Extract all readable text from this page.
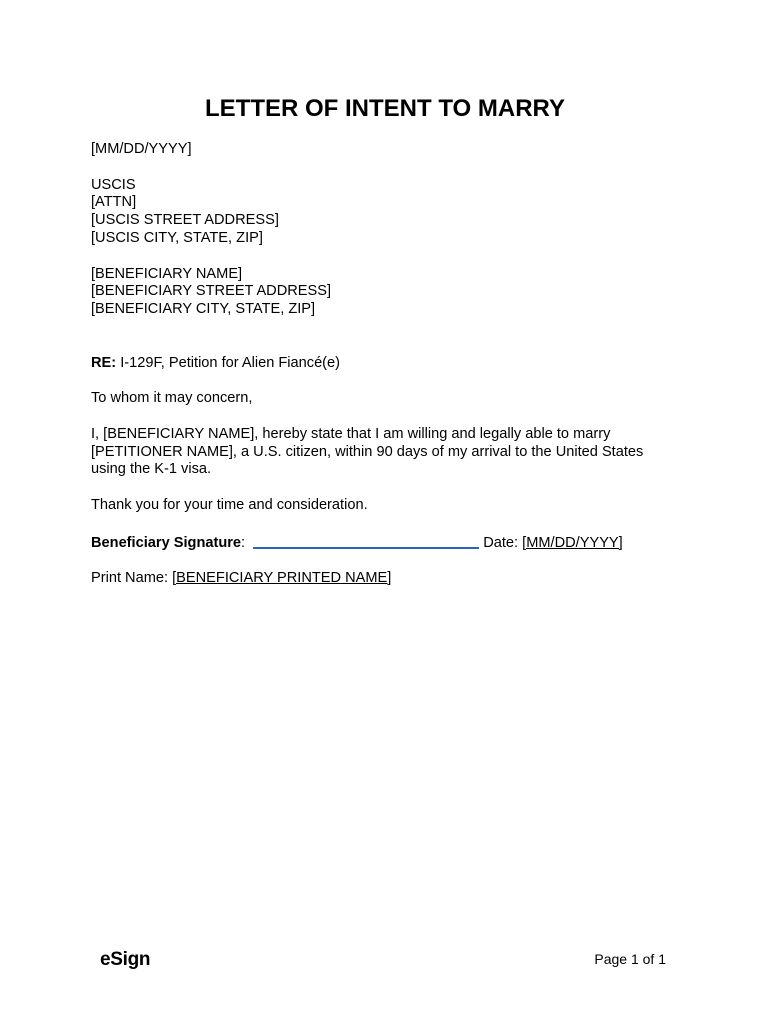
LETTER OF INTENT TO MARRY
[MM/DD/YYYY]
USCIS
[ATTN]
[USCIS STREET ADDRESS]
[USCIS CITY, STATE, ZIP]
[BENEFICIARY NAME]
[BENEFICIARY STREET ADDRESS]
[BENEFICIARY CITY, STATE, ZIP]
RE: I-129F, Petition for Alien Fiancé(e)
To whom it may concern,
I, [BENEFICIARY NAME], hereby state that I am willing and legally able to marry
[PETITIONER NAME], a U.S. citizen, within 90 days of my arrival to the United States
using the K-1 visa.
Thank you for your time and consideration.
Beneficiary Signature:	Date: [MM/DD/YYYY]
Print Name: [BENEFICIARY PRINTED NAME]
eSign	Page 1 of 1
